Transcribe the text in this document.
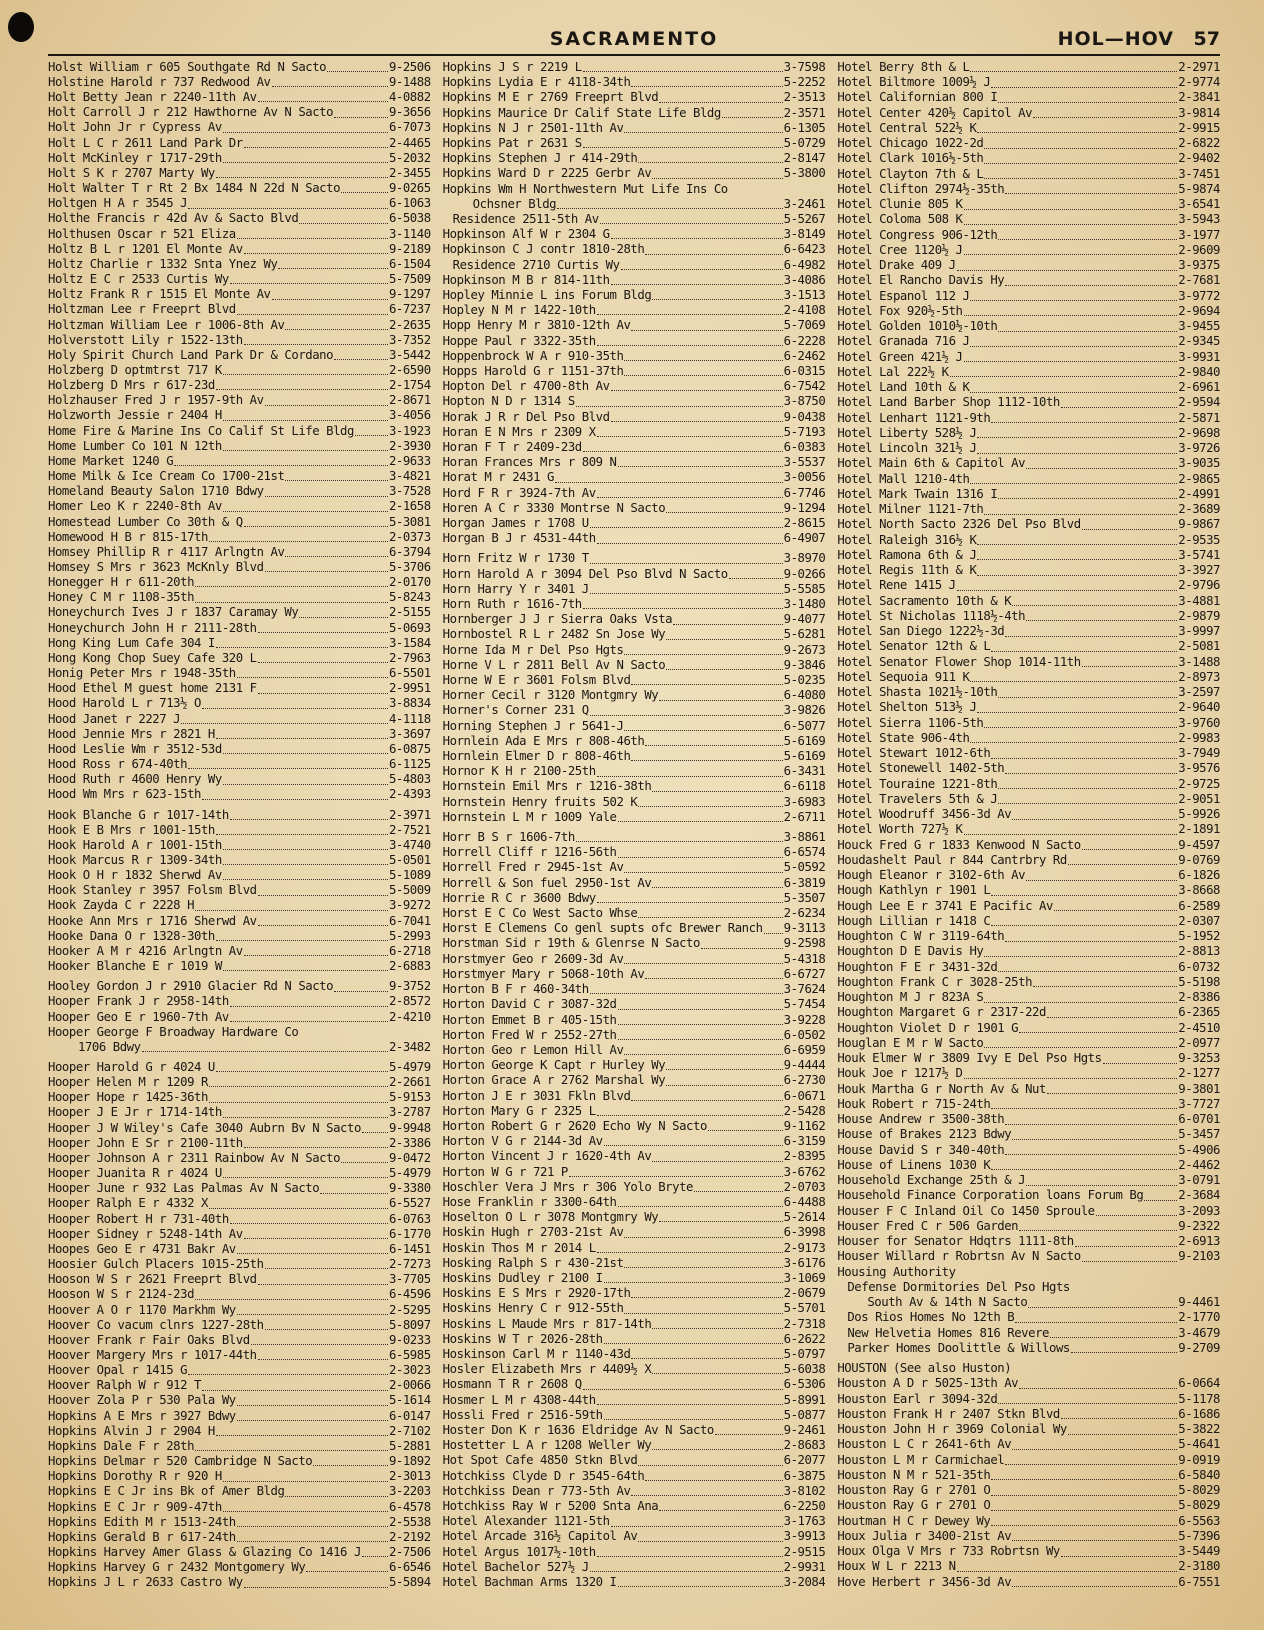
SACRAMENTO	HOL—HOV 57
Holst William r 605 Southgate Rd N Sacto	9-2506
Holstine Harold r 737 Redwood Av	9-1488
Holt Betty Jean r 2240-11th Av	4-0882
Holt Carroll J r 212 Hawthorne Av N Sacto	9-3656
Holt John Jr r Cypress Av	6-7073
Holt L C r 2611 Land Park Dr	2-4465
Holt McKinley r 1717-29th	5-2032
Holt S K r 2707 Marty Wy	2-3455
Holt Walter T r Rt 2 Bx 1484 N 22d N Sacto	9-0265
Holtgen H A r 3545 J	6-1063
Holthe Francis r 42d Av & Sacto Blvd	6-5038
Holthusen Oscar r 521 Eliza	3-1140
Holtz B L r 1201 El Monte Av	9-2189
Holtz Charlie r 1332 Snta Ynez Wy	6-1504
Holtz E C r 2533 Curtis Wy	5-7509
Holtz Frank R r 1515 El Monte Av	9-1297
Holtzman Lee r Freeprt Blvd	6-7237
Holtzman William Lee r 1006-8th Av	2-2635
Holverstott Lily r 1522-13th	3-7352
Holy Spirit Church Land Park Dr & Cordano	3-5442
Holzberg D optmtrst 717 K	2-6590
Holzberg D Mrs r 617-23d	2-1754
Holzhauser Fred J r 1957-9th Av	2-8671
Holzworth Jessie r 2404 H	3-4056
Home Fire & Marine Ins Co Calif St Life Bldg	3-1923
Home Lumber Co 101 N 12th	2-3930
Home Market 1240 G	2-9633
Home Milk & Ice Cream Co 1700-21st	3-4821
Homeland Beauty Salon 1710 Bdwy	3-7528
Homer Leo K r 2240-8th Av	2-1658
Homestead Lumber Co 30th & Q	5-3081
Homewood H B r 815-17th	2-0373
Homsey Phillip R r 4117 Arlngtn Av	6-3794
Homsey S Mrs r 3623 McKnly Blvd	5-3706
Honegger H r 611-20th	2-0170
Honey C M r 1108-35th	5-8243
Honeychurch Ives J r 1837 Caramay Wy	2-5155
Honeychurch John H r 2111-28th	5-0693
Hong King Lum Cafe 304 I	3-1584
Hong Kong Chop Suey Cafe 320 L	2-7963
Honig Peter Mrs r 1948-35th	6-5501
Hood Ethel M guest home 2131 F	2-9951
Hood Harold L r 713½ O	3-8834
Hood Janet r 2227 J	4-1118
Hood Jennie Mrs r 2821 H	3-3697
Hood Leslie Wm r 3512-53d	6-0875
Hood Ross r 674-40th	6-1125
Hood Ruth r 4600 Henry Wy	5-4803
Hood Wm Mrs r 623-15th	2-4393
Hook Blanche G r 1017-14th	2-3971
Hook E B Mrs r 1001-15th	2-7521
Hook Harold A r 1001-15th	3-4740
Hook Marcus R r 1309-34th	5-0501
Hook O H r 1832 Sherwd Av	5-1089
Hook Stanley r 3957 Folsm Blvd	5-5009
Hook Zayda C r 2228 H	3-9272
Hooke Ann Mrs r 1716 Sherwd Av	6-7041
Hooke Dana O r 1328-30th	5-2993
Hooker A M r 4216 Arlngtn Av	6-2718
Hooker Blanche E r 1019 W	2-6883
Hooley Gordon J r 2910 Glacier Rd N Sacto	9-3752
Hooper Frank J r 2958-14th	2-8572
Hooper Geo E r 1960-7th Av	2-4210
Hooper George F Broadway Hardware Co
1706 Bdwy	2-3482
Hooper Harold G r 4024 U	5-4979
Hooper Helen M r 1209 R	2-2661
Hooper Hope r 1425-36th	5-9153
Hooper J E Jr r 1714-14th	3-2787
Hooper J W Wiley's Cafe 3040 Aubrn Bv N Sacto 9-9948
Hooper John E Sr r 2100-11th	2-3386
Hooper Johnson A r 2311 Rainbow Av N Sacto	9-0472
Hooper Juanita R r 4024 U	5-4979
Hooper June r 932 Las Palmas Av N Sacto	9-3380
Hooper Ralph E r 4332 X	6-5527
Hooper Robert H r 731-40th	6-0763
Hooper Sidney r 5248-14th Av	6-1770
Hoopes Geo E r 4731 Bakr Av	6-1451
Hoosier Gulch Placers 1015-25th	2-7273
Hooson W S r 2621 Freeprt Blvd	3-7705
Hooson W S r 2124-23d	6-4596
Hoover A O r 1170 Markhm Wy	2-5295
Hoover Co vacum clnrs 1227-28th	5-8097
Hoover Frank r Fair Oaks Blvd	9-0233
Hoover Margery Mrs r 1017-44th	6-5985
Hoover Opal r 1415 G	2-3023
Hoover Ralph W r 912 T	2-0066
Hoover Zola P r 530 Pala Wy	5-1614
Hopkins A E Mrs r 3927 Bdwy	6-0147
Hopkins Alvin J r 2904 H	2-7102
Hopkins Dale F r 28th	5-2881
Hopkins Delmar r 520 Cambridge N Sacto	9-1892
Hopkins Dorothy R r 920 H	2-3013
Hopkins E C Jr ins Bk of Amer Bldg	3-2203
Hopkins E C Jr r 909-47th	6-4578
Hopkins Edith M r 1513-24th	2-5538
Hopkins Gerald B r 617-24th	2-2192
Hopkins Harvey Amer Glass & Glazing Co 1416 J 2-7506
Hopkins Harvey G r 2432 Montgomery Wy	6-6546
Hopkins J L r 2633 Castro Wy	5-5894
Hopkins J S r 2219 L	3-7598
Hopkins Lydia E r 4118-34th	5-2252
Hopkins M E r 2769 Freeprt Blvd	2-3513
Hopkins Maurice Dr Calif State Life Bldg	2-3571
Hopkins N J r 2501-11th Av	6-1305
Hopkins Pat r 2631 S	5-0729
Hopkins Stephen J r 414-29th	2-8147
Hopkins Ward D r 2225 Gerbr Av	5-3800
Hopkins Wm H Northwestern Mut Life Ins Co
Ochsner Bldg	3-2461
Residence 2511-5th Av	5-5267
Hopkinson Alf W r 2304 G	3-8149
Hopkinson C J contr 1810-28th	6-6423
Residence 2710 Curtis Wy	6-4982
Hopkinson M B r 814-11th	3-4086
Hopley Minnie L ins Forum Bldg	3-1513
Hopley N M r 1422-10th	2-4108
Hopp Henry M r 3810-12th Av	5-7069
Hoppe Paul r 3322-35th	6-2228
Hoppenbrock W A r 910-35th	6-2462
Hopps Harold G r 1151-37th	6-0315
Hopton Del r 4700-8th Av	6-7542
Hopton N D r 1314 S	3-8750
Horak J R r Del Pso Blvd	9-0438
Horan E N Mrs r 2309 X	5-7193
Horan F T r 2409-23d	6-0383
Horan Frances Mrs r 809 N	3-5537
Horat M r 2431 G	3-0056
Hord F R r 3924-7th Av	6-7746
Horen A C r 3330 Montrse N Sacto	9-1294
Horgan James r 1708 U	2-8615
Horgan B J r 4531-44th	6-4907
Horn Fritz W r 1730 T	3-8970
Horn Harold A r 3094 Del Pso Blvd N Sacto	9-0266
Horn Harry Y r 3401 J	5-5585
Horn Ruth r 1616-7th	3-1480
Hornberger J J r Sierra Oaks Vsta	9-4077
Hornbostel R L r 2482 Sn Jose Wy	5-6281
Horne Ida M r Del Pso Hgts	9-2673
Horne V L r 2811 Bell Av N Sacto	9-3846
Horne W E r 3601 Folsm Blvd	5-0235
Horner Cecil r 3120 Montgmry Wy	6-4080
Horner's Corner 231 Q	3-9826
Horning Stephen J r 5641-J	6-5077
Hornlein Ada E Mrs r 808-46th	5-6169
Hornlein Elmer D r 808-46th	5-6169
Hornor K H r 2100-25th	6-3431
Hornstein Emil Mrs r 1216-38th	6-6118
Hornstein Henry fruits 502 K	3-6983
Hornstein L M r 1009 Yale	2-6711
Horr B S r 1606-7th	3-8861
Horrell Cliff r 1216-56th	6-6574
Horrell Fred r 2945-1st Av	5-0592
Horrell & Son fuel 2950-1st Av	6-3819
Horrie R C r 3600 Bdwy	5-3507
Horst E C Co West Sacto Whse	2-6234
Horst E Clemens Co genl supts ofc Brewer Ranch 9-3113
Horstman Sid r 19th & Glenrse N Sacto	9-2598
Horstmyer Geo r 2609-3d Av	5-4318
Horstmyer Mary r 5068-10th Av	6-6727
Horton B F r 460-34th	3-7624
Horton David C r 3087-32d	5-7454
Horton Emmet B r 405-15th	3-9228
Horton Fred W r 2552-27th	6-0502
Horton Geo r Lemon Hill Av	6-6959
Horton George K Capt r Hurley Wy	9-4444
Horton Grace A r 2762 Marshal Wy	6-2730
Horton J E r 3031 Fkln Blvd	6-0671
Horton Mary G r 2325 L	2-5428
Horton Robert G r 2620 Echo Wy N Sacto	9-1162
Horton V G r 2144-3d Av	6-3159
Horton Vincent J r 1620-4th Av	2-8395
Horton W G r 721 P	3-6762
Hoschler Vera J Mrs r 306 Yolo Bryte	2-0703
Hose Franklin r 3300-64th	6-4488
Hoselton O L r 3078 Montgmry Wy	5-2614
Hoskin Hugh r 2703-21st Av	6-3998
Hoskin Thos M r 2014 L	2-9173
Hosking Ralph S r 430-21st	3-6176
Hoskins Dudley r 2100 I	3-1069
Hoskins E S Mrs r 2920-17th	2-0679
Hoskins Henry C r 912-55th	5-5701
Hoskins L Maude Mrs r 817-14th	2-7318
Hoskins W T r 2026-28th	6-2622
Hoskinson Carl M r 1140-43d	5-0797
Hosler Elizabeth Mrs r 4409½ X	5-6038
Hosmann T R r 2608 Q	6-5306
Hosmer L M r 4308-44th	5-8991
Hossli Fred r 2516-59th	5-0877
Hoster Don K r 1636 Eldridge Av N Sacto	9-2461
Hostetter L A r 1208 Weller Wy	2-8683
Hot Spot Cafe 4850 Stkn Blvd	6-2077
Hotchkiss Clyde D r 3545-64th	6-3875
Hotchkiss Dean r 773-5th Av	3-8102
Hotchkiss Ray W r 5200 Snta Ana	6-2250
Hotel Alexander 1121-5th	3-1763
Hotel Arcade 316½ Capitol Av	3-9913
Hotel Argus 1017½-10th	2-9515
Hotel Bachelor 527½ J	2-9931
Hotel Bachman Arms 1320 I	3-2084
Hotel Berry 8th & L	2-2971
Hotel Biltmore 1009½ J	2-9774
Hotel Californian 800 I	2-3841
Hotel Center 420½ Capitol Av	3-9814
Hotel Central 522½ K	2-9915
Hotel Chicago 1022-2d	2-6822
Hotel Clark 1016½-5th	2-9402
Hotel Clayton 7th & L	3-7451
Hotel Clifton 2974½-35th	5-9874
Hotel Clunie 805 K	3-6541
Hotel Coloma 508 K	3-5943
Hotel Congress 906-12th	3-1977
Hotel Cree 1120½ J	2-9609
Hotel Drake 409 J	3-9375
Hotel El Rancho Davis Hy	2-7681
Hotel Espanol 112 J	3-9772
Hotel Fox 920½-5th	2-9694
Hotel Golden 1010½-10th	3-9455
Hotel Granada 716 J	2-9345
Hotel Green 421½ J	3-9931
Hotel Lal 222½ K	2-9840
Hotel Land 10th & K	2-6961
Hotel Land Barber Shop 1112-10th	2-9594
Hotel Lenhart 1121-9th	2-5871
Hotel Liberty 528½ J	2-9698
Hotel Lincoln 321½ J	3-9726
Hotel Main 6th & Capitol Av	3-9035
Hotel Mall 1210-4th	2-9865
Hotel Mark Twain 1316 I	2-4991
Hotel Milner 1121-7th	2-3689
Hotel North Sacto 2326 Del Pso Blvd	9-9867
Hotel Raleigh 316½ K	2-9535
Hotel Ramona 6th & J	3-5741
Hotel Regis 11th & K	3-3927
Hotel Rene 1415 J	2-9796
Hotel Sacramento 10th & K	3-4881
Hotel St Nicholas 1118½-4th	2-9879
Hotel San Diego 1222½-3d	3-9997
Hotel Senator 12th & L	2-5081
Hotel Senator Flower Shop 1014-11th	3-1488
Hotel Sequoia 911 K	2-8973
Hotel Shasta 1021½-10th	3-2597
Hotel Shelton 513½ J	2-9640
Hotel Sierra 1106-5th	3-9760
Hotel State 906-4th	2-9983
Hotel Stewart 1012-6th	3-7949
Hotel Stonewell 1402-5th	3-9576
Hotel Touraine 1221-8th	2-9725
Hotel Travelers 5th & J	2-9051
Hotel Woodruff 3456-3d Av	5-9926
Hotel Worth 727½ K	2-1891
Houck Fred G r 1833 Kenwood N Sacto	9-4597
Houdashelt Paul r 844 Cantrbry Rd	9-0769
Hough Eleanor r 3102-6th Av	6-1826
Hough Kathlyn r 1901 L	3-8668
Hough Lee E r 3741 E Pacific Av	6-2589
Hough Lillian r 1418 C	2-0307
Houghton C W r 3119-64th	5-1952
Houghton D E Davis Hy	2-8813
Houghton F E r 3431-32d	6-0732
Houghton Frank C r 3028-25th	5-5198
Houghton M J r 823A S	2-8386
Houghton Margaret G r 2317-22d	6-2365
Houghton Violet D r 1901 G	2-4510
Houglan E M r W Sacto	2-0977
Houk Elmer W r 3809 Ivy E Del Pso Hgts	9-3253
Houk Joe r 1217½ D	2-1277
Houk Martha G r North Av & Nut	9-3801
Houk Robert r 715-24th	3-7727
House Andrew r 3500-38th	6-0701
House of Brakes 2123 Bdwy	5-3457
House David S r 340-40th	5-4906
House of Linens 1030 K	2-4462
Household Exchange 25th & J	3-0791
Household Finance Corporation loans Forum Bg	2-3684
Houser F C Inland Oil Co 1450 Sproule	3-2093
Houser Fred C r 506 Garden	9-2322
Houser for Senator Hdqtrs 1111-8th	2-6913
Houser Willard r Robrtsn Av N Sacto	9-2103
Housing Authority
Defense Dormitories Del Pso Hgts
South Av & 14th N Sacto	9-4461
Dos Rios Homes No 12th B	2-1770
New Helvetia Homes 816 Revere	3-4679
Parker Homes Doolittle & Willows	9-2709
HOUSTON (See also Huston)
Houston A D r 5025-13th Av	6-0664
Houston Earl r 3094-32d	5-1178
Houston Frank H r 2407 Stkn Blvd	6-1686
Houston John H r 3969 Colonial Wy	5-3822
Houston L C r 2641-6th Av	5-4641
Houston L M r Carmichael	9-0919
Houston N M r 521-35th	6-5840
Houston Ray G r 2701 O	5-8029
Houston Ray G r 2701 O	5-8029
Houtman H C r Dewey Wy	6-5563
Houx Julia r 3400-21st Av	5-7396
Houx Olga V Mrs r 733 Robrtsn Wy	3-5449
Houx W L r 2213 N	2-3180
Hove Herbert r 3456-3d Av	6-7551
